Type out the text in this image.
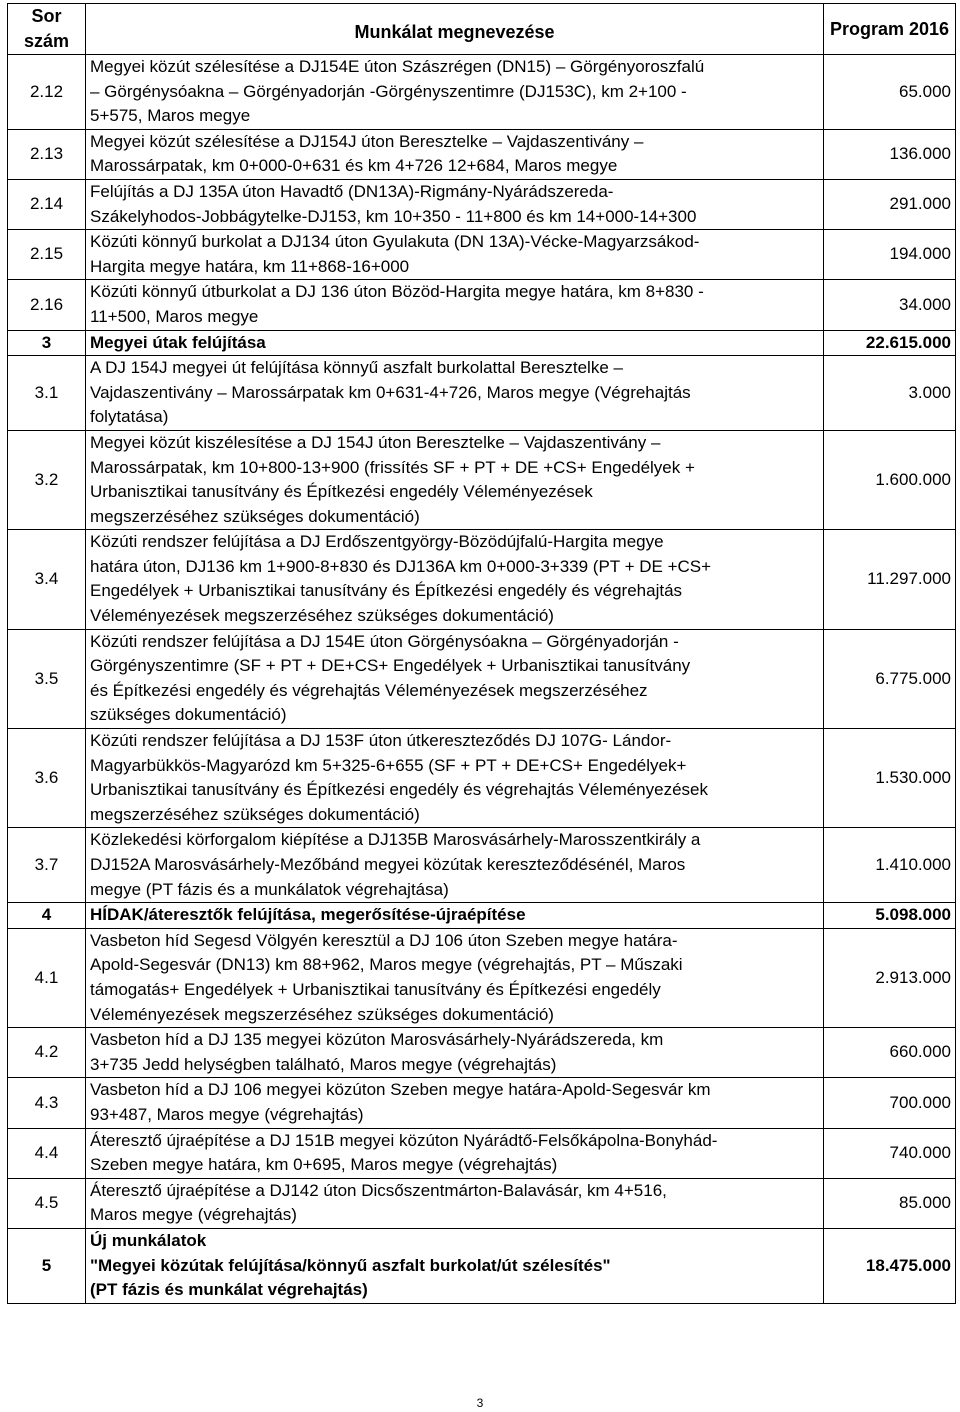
Sor szám	Munkálat megnevezése	Program 2016
2.12	Megyei közút szélesítése a DJ154E úton Szászrégen (DN15) – Görgényoroszfalú
– Görgénysóakna – Görgényadorján -Görgényszentimre (DJ153C), km 2+100 -
5+575, Maros megye	65.000
2.13	Megyei közút szélesítése a DJ154J úton Beresztelke – Vajdaszentivány –
Marossárpatak, km 0+000-0+631 és km 4+726 12+684, Maros megye	136.000
2.14	Felújítás a DJ 135A úton Havadtő (DN13A)-Rigmány-Nyárádszereda-
Szákelyhodos-Jobbágytelke-DJ153, km 10+350 - 11+800 és km 14+000-14+300	291.000
2.15	Közúti könnyű burkolat a DJ134 úton Gyulakuta (DN 13A)-Vécke-Magyarzsákod-
Hargita megye határa, km 11+868-16+000	194.000
2.16	Közúti könnyű útburkolat a DJ 136 úton Bözöd-Hargita megye határa, km 8+830 -
11+500, Maros megye	34.000
3	Megyei útak felújítása	22.615.000
3.1	A DJ 154J megyei út felújítása könnyű aszfalt burkolattal Beresztelke –
Vajdaszentivány – Marossárpatak km 0+631-4+726, Maros megye (Végrehajtás
folytatása)	3.000
3.2	Megyei közút kiszélesítése a DJ 154J úton Beresztelke – Vajdaszentivány –
Marossárpatak, km 10+800-13+900 (frissítés SF + PT + DE +CS+ Engedélyek +
Urbanisztikai tanusítvány és Építkezési engedély Véleményezések
megszerzéséhez szükséges dokumentáció)	1.600.000
3.4	Közúti rendszer felújítása a DJ Erdőszentgyörgy-Bözödújfalú-Hargita megye
határa úton, DJ136 km 1+900-8+830 és DJ136A km 0+000-3+339 (PT + DE +CS+
Engedélyek + Urbanisztikai tanusítvány és Építkezési engedély és végrehajtás
Véleményezések megszerzéséhez szükséges dokumentáció)	11.297.000
3.5	Közúti rendszer felújítása a DJ 154E úton Görgénysóakna – Görgényadorján -
Görgényszentimre (SF + PT + DE+CS+ Engedélyek + Urbanisztikai tanusítvány
és Építkezési engedély és végrehajtás Véleményezések megszerzéséhez
szükséges dokumentáció)	6.775.000
3.6	Közúti rendszer felújítása a DJ 153F úton útkereszteződés DJ 107G- Lándor-
Magyarbükkös-Magyarózd km 5+325-6+655 (SF + PT + DE+CS+ Engedélyek+
Urbanisztikai tanusítvány és Építkezési engedély és végrehajtás Véleményezések
megszerzéséhez szükséges dokumentáció)	1.530.000
3.7	Közlekedési körforgalom kiépítése a DJ135B Marosvásárhely-Marosszentkirály a
DJ152A Marosvásárhely-Mezőbánd megyei közútak kereszteződésénél, Maros
megye (PT fázis és a munkálatok végrehajtása)	1.410.000
4	HÍDAK/áteresztők felújítása, megerősítése-újraépítése	5.098.000
4.1	Vasbeton híd Segesd Völgyén keresztül a DJ 106 úton Szeben megye határa-
Apold-Segesvár (DN13) km 88+962, Maros megye (végrehajtás, PT – Műszaki
támogatás+ Engedélyek + Urbanisztikai tanusítvány és Építkezési engedély
Véleményezések megszerzéséhez szükséges dokumentáció)	2.913.000
4.2	Vasbeton híd a DJ 135 megyei közúton Marosvásárhely-Nyárádszereda, km
3+735 Jedd helységben található, Maros megye (végrehajtás)	660.000
4.3	Vasbeton híd a DJ 106 megyei közúton Szeben megye határa-Apold-Segesvár km
93+487, Maros megye (végrehajtás)	700.000
4.4	Áteresztő újraépítése a DJ 151B megyei közúton Nyárádtő-Felsőkápolna-Bonyhád-
Szeben megye határa, km 0+695, Maros megye (végrehajtás)	740.000
4.5	Áteresztő újraépítése a DJ142 úton Dicsőszentmárton-Balavásár, km 4+516,
Maros megye (végrehajtás)	85.000
5	Új munkálatok
"Megyei közútak felújítása/könnyű aszfalt burkolat/út szélesítés"
(PT fázis és munkálat végrehajtás)	18.475.000
3
